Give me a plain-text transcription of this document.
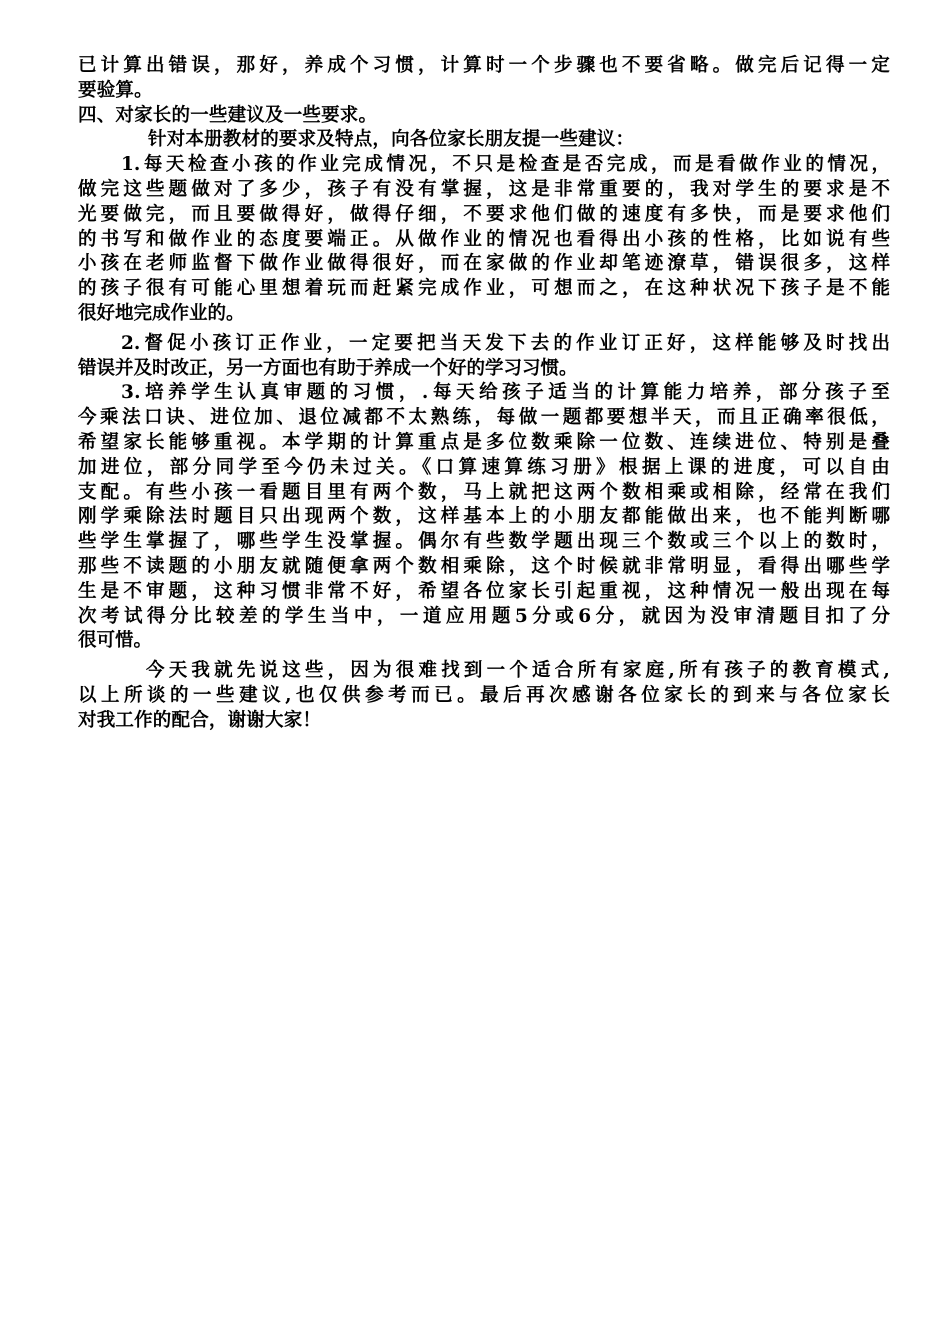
已计算出错误，那好，养成个习惯，计算时一个步骤也不要省略。做完后记得一定
要验算。
四、对家长的一些建议及一些要求。
针对本册教材的要求及特点，向各位家长朋友提一些建议：
1.每天检查小孩的作业完成情况，不只是检查是否完成，而是看做作业的情况，
做完这些题做对了多少，孩子有没有掌握，这是非常重要的，我对学生的要求是不
光要做完，而且要做得好，做得仔细，不要求他们做的速度有多快，而是要求他们
的书写和做作业的态度要端正。从做作业的情况也看得出小孩的性格，比如说有些
小孩在老师监督下做作业做得很好，而在家做的作业却笔迹潦草，错误很多，这样
的孩子很有可能心里想着玩而赶紧完成作业，可想而之，在这种状况下孩子是不能
很好地完成作业的。
2.督促小孩订正作业，一定要把当天发下去的作业订正好，这样能够及时找出
错误并及时改正，另一方面也有助于养成一个好的学习习惯。
3.培养学生认真审题的习惯，.每天给孩子适当的计算能力培养，部分孩子至
今乘法口诀、进位加、退位减都不太熟练，每做一题都要想半天，而且正确率很低，
希望家长能够重视。本学期的计算重点是多位数乘除一位数、连续进位、特别是叠
加进位，部分同学至今仍未过关。《口算速算练习册》根据上课的进度，可以自由
支配。有些小孩一看题目里有两个数，马上就把这两个数相乘或相除，经常在我们
刚学乘除法时题目只出现两个数，这样基本上的小朋友都能做出来，也不能判断哪
些学生掌握了，哪些学生没掌握。偶尔有些数学题出现三个数或三个以上的数时，
那些不读题的小朋友就随便拿两个数相乘除，这个时候就非常明显，看得出哪些学
生是不审题，这种习惯非常不好，希望各位家长引起重视，这种情况一般出现在每
次考试得分比较差的学生当中，一道应用题5分或6分，就因为没审清题目扣了分
很可惜。
今天我就先说这些，因为很难找到一个适合所有家庭,所有孩子的教育模式,
以上所谈的一些建议,也仅供参考而已。最后再次感谢各位家长的到来与各位家长
对我工作的配合，谢谢大家！
